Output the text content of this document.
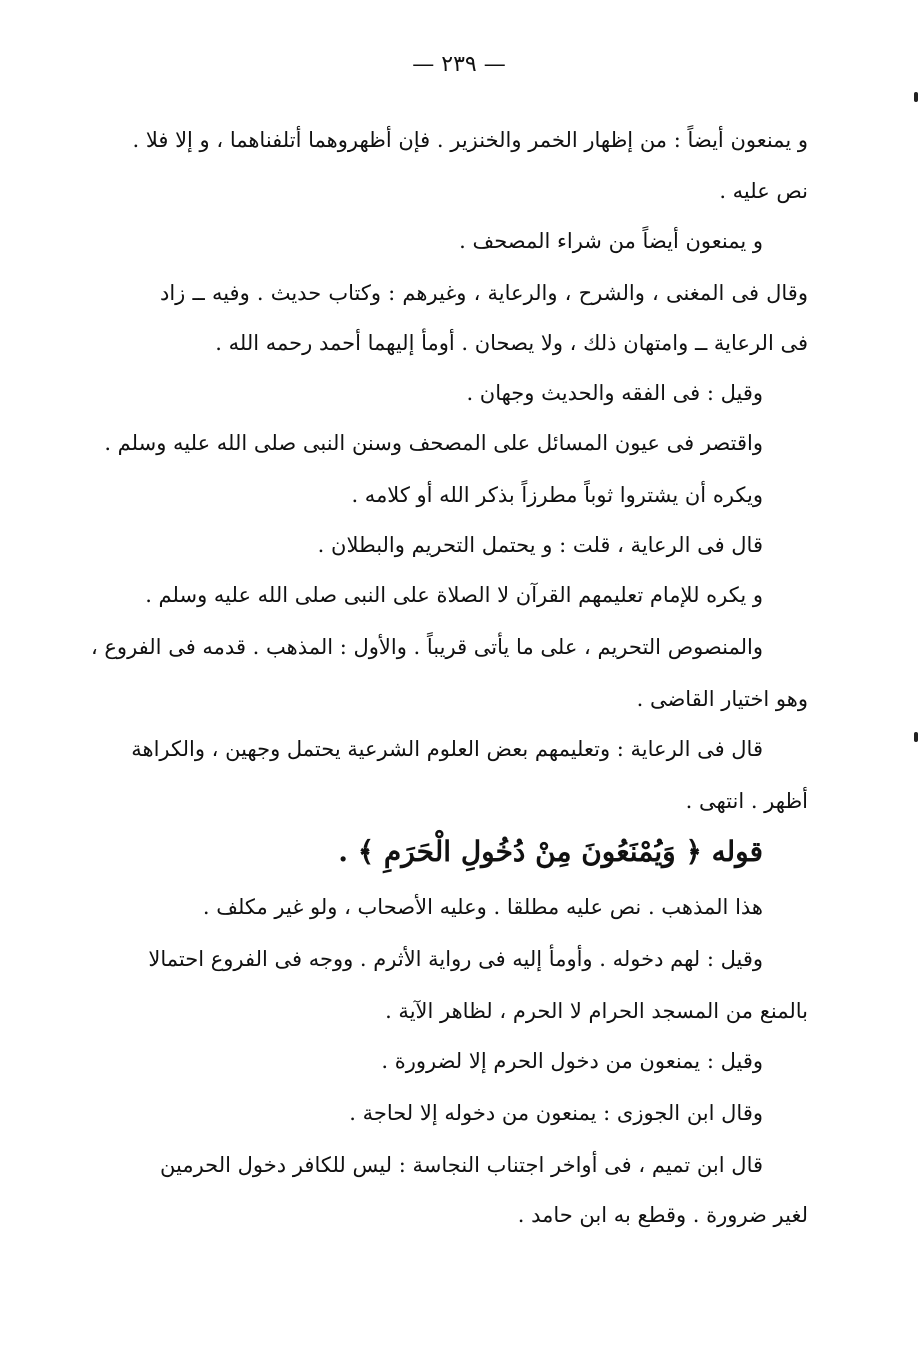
— ٢٣٩ —
و يمنعون أيضاً : من إظهار الخمر والخنزير . فإن أظهروهما أتلفناهما ، و إلا فلا .
نص عليه .
و يمنعون أيضاً من شراء المصحف .
وقال فى المغنى ، والشرح ، والرعاية ، وغيرهم : وكتاب حديث . وفيه ــ زاد
فى الرعاية ــ وامتهان ذلك ، ولا يصحان . أومأ إليهما أحمد رحمه الله .
وقيل : فى الفقه والحديث وجهان .
واقتصر فى عيون المسائل على المصحف وسنن النبى صلى الله عليه وسلم .
ويكره أن يشتروا ثوباً مطرزاً بذكر الله أو كلامه .
قال فى الرعاية ، قلت : و يحتمل التحريم والبطلان .
و يكره للإمام تعليمهم القرآن لا الصلاة على النبى صلى الله عليه وسلم .
والمنصوص التحريم ، على ما يأتى قريباً . والأول : المذهب . قدمه فى الفروع ،
وهو اختيار القاضى .
قال فى الرعاية : وتعليمهم بعض العلوم الشرعية يحتمل وجهين ، والكراهة
أظهر . انتهى .
قوله ﴿ وَيُمْنَعُونَ مِنْ دُخُولِ الْحَرَمِ ﴾ .
هذا المذهب . نص عليه مطلقا . وعليه الأصحاب ، ولو غير مكلف .
وقيل : لهم دخوله . وأومأ إليه فى رواية الأثرم . ووجه فى الفروع احتمالا
بالمنع من المسجد الحرام لا الحرم ، لظاهر الآية .
وقيل : يمنعون من دخول الحرم إلا لضرورة .
وقال ابن الجوزى : يمنعون من دخوله إلا لحاجة .
قال ابن تميم ، فى أواخر اجتناب النجاسة : ليس للكافر دخول الحرمين
لغير ضرورة . وقطع به ابن حامد .
